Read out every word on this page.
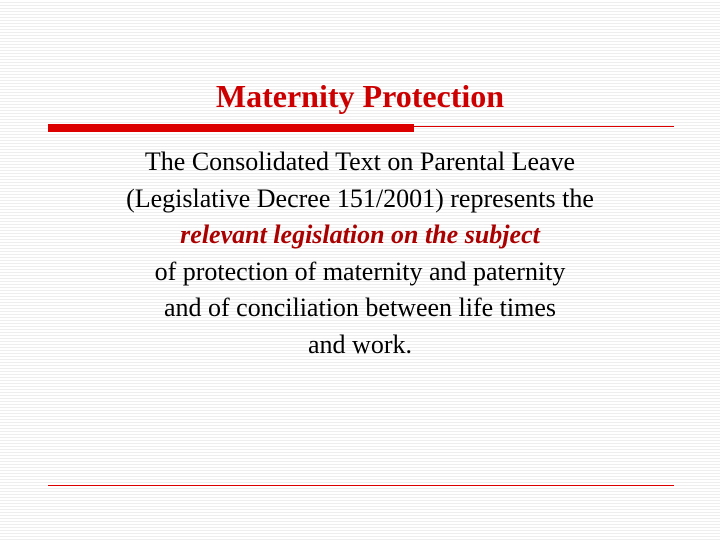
Maternity Protection

The Consolidated Text on Parental Leave
(Legislative Decree 151/2001) represents the
relevant legislation on the subject
of protection of maternity and paternity
and of conciliation between life times
and work.
